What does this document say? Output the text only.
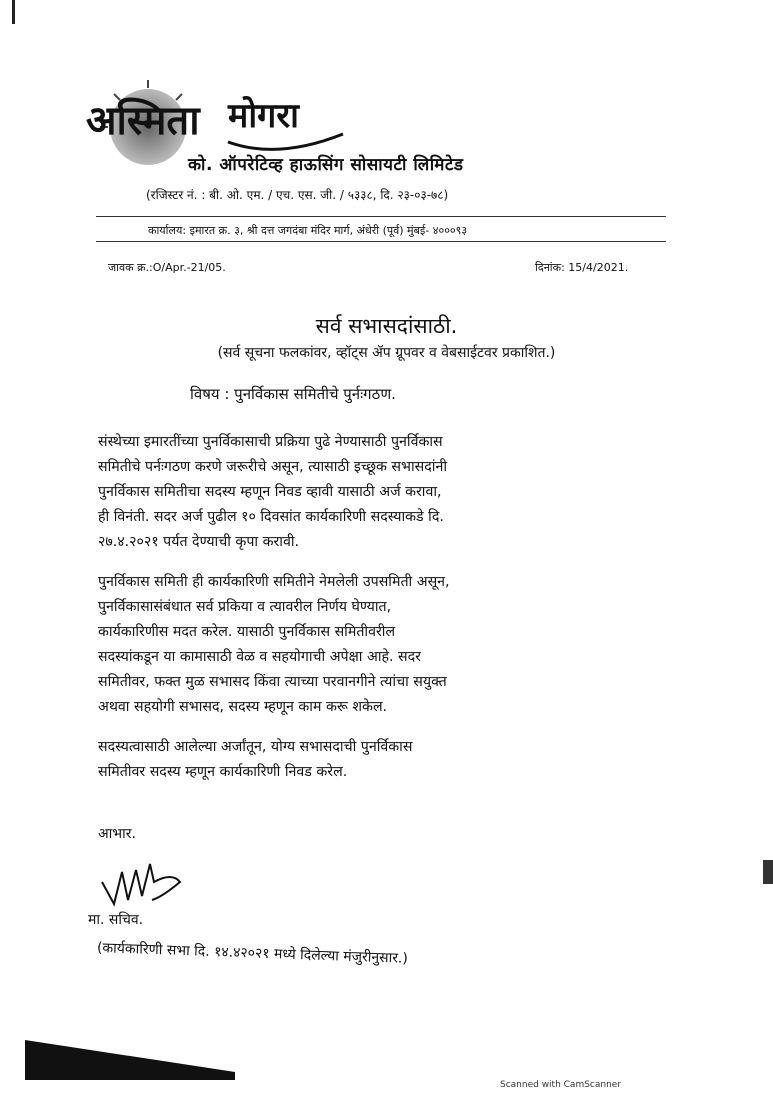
अस्मिता मोगरा
को. ऑपरेटिव्ह हाऊसिंग सोसायटी लिमिटेड
(रजिस्टर नं. : बी. ओ. एम. / एच. एस. जी. / ५३३८, दि. २३-०३-७८)
कार्यालय: इमारत क्र. ३, श्री दत्त जगदंबा मंदिर मार्ग, अंधेरी (पूर्व) मुंबई- ४०००९३
जावक क्र.:O/Apr.-21/05.	दिनांक: 15/4/2021.
सर्व सभासदांसाठी.
(सर्व सूचना फलकांवर, व्हॉट्स ॲप ग्रूपवर व वेबसाईटवर प्रकाशित.)
विषय : पुनर्विकास समितीचे पुर्नःगठण.

संस्थेच्या इमारतींच्या पुनर्विकासाची प्रक्रिया पुढे नेण्यासाठी पुनर्विकास

समितीचे पर्नःगठण करणे जरूरीचे असून, त्यासाठी इच्छूक सभासदांनी

पुनर्विकास समितीचा सदस्य म्हणून निवड व्हावी यासाठी अर्ज करावा,

ही विनंती. सदर अर्ज पुढील १० दिवसांत कार्यकारिणी सदस्याकडे दि.

२७.४.२०२१ पर्यत देण्याची कृपा करावी.

पुनर्विकास समिती ही कार्यकारिणी समितीने नेमलेली उपसमिती असून,

पुनर्विकासासंबंधात सर्व प्रकिया व त्यावरील निर्णय घेण्यात,

कार्यकारिणीस मदत करेल. यासाठी पुनर्विकास समितीवरील

सदस्यांकडून या कामासाठी वेळ व सहयोगाची अपेक्षा आहे. सदर

समितीवर, फक्त मुळ सभासद किंवा त्याच्या परवानगीने त्यांचा सयुक्त

अथवा सहयोगी सभासद, सदस्य म्हणून काम करू शकेल.

सदस्यत्वासाठी आलेल्या अर्जांतून, योग्य सभासदाची पुनर्विकास

समितीवर सदस्य म्हणून कार्यकारिणी निवड करेल.

आभार.
मा. सचिव.
(कार्यकारिणी सभा दि. १४.४२०२१ मध्ये दिलेल्या मंजुरीनुसार.)
Scanned with CamScanner
